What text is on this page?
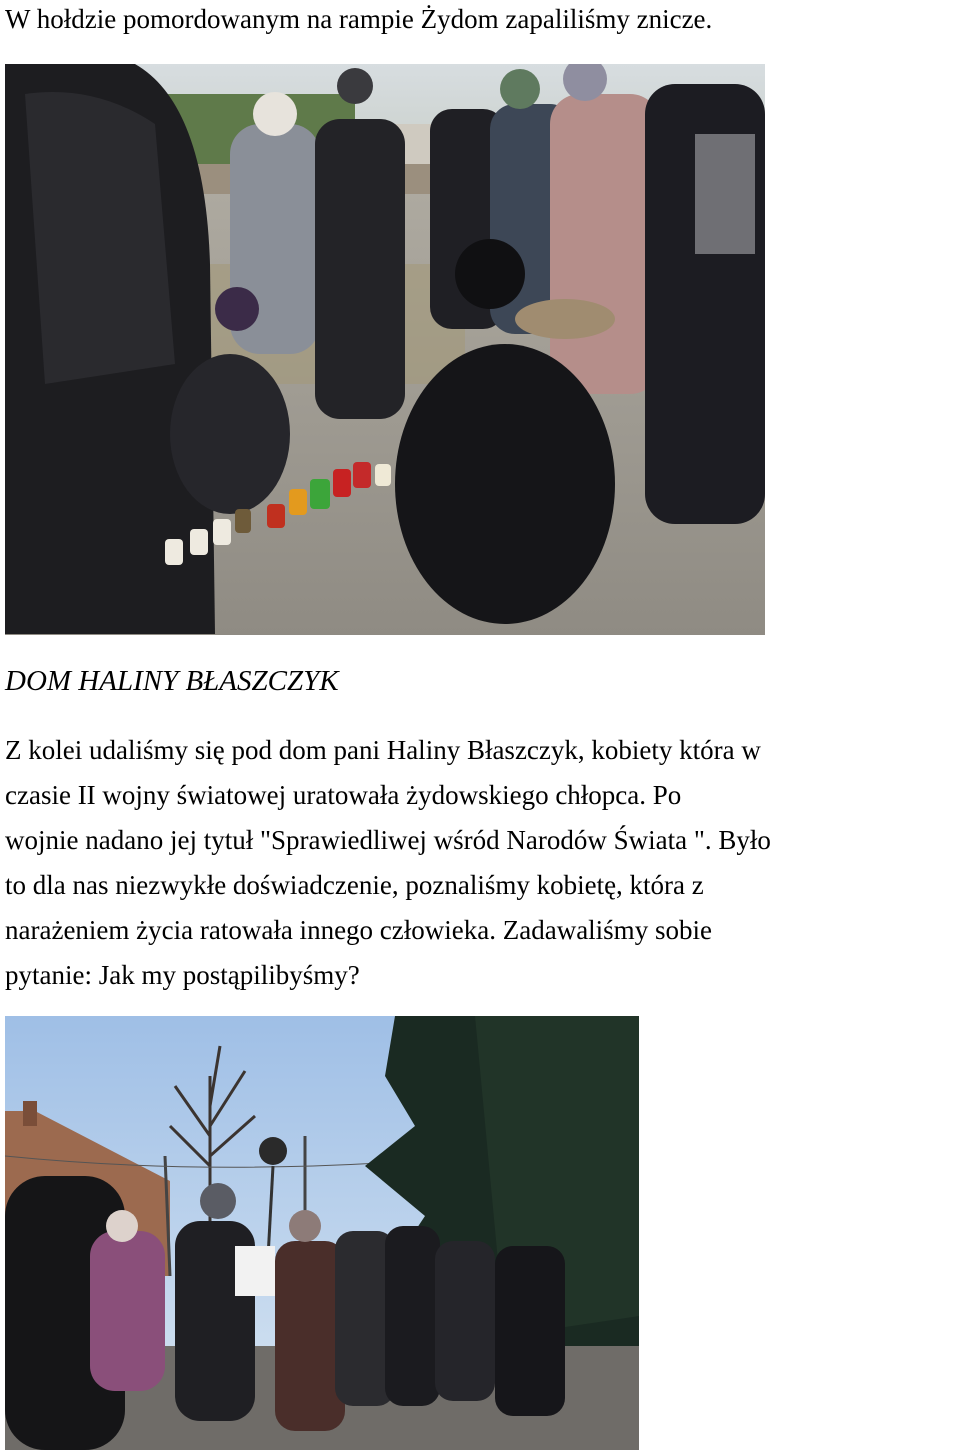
W hołdzie pomordowanym na rampie Żydom zapaliliśmy znicze.
DOM HALINY BŁASZCZYK

Z kolei udaliśmy się pod dom pani Haliny Błaszczyk, kobiety która w
czasie II wojny światowej uratowała żydowskiego chłopca. Po
wojnie nadano jej tytuł "Sprawiedliwej wśród Narodów Świata ". Było
to dla nas niezwykłe doświadczenie, poznaliśmy kobietę, która z
narażeniem życia ratowała innego człowieka. Zadawaliśmy sobie
pytanie: Jak my postąpilibyśmy?
